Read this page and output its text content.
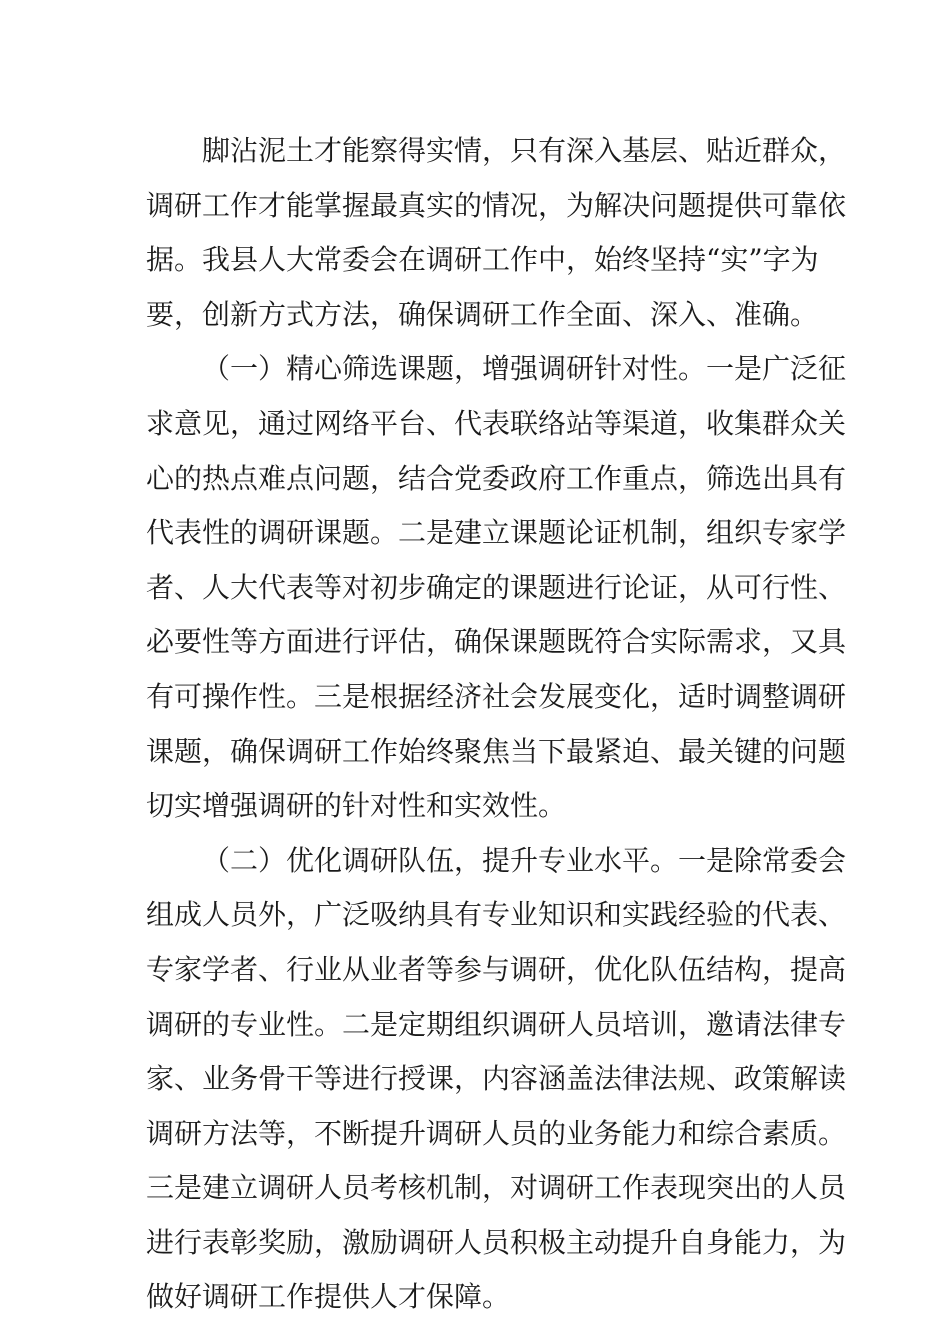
脚沾泥土才能察得实情，只有深入基层、贴近群众，
调研工作才能掌握最真实的情况，为解决问题提供可靠依
据。我县人大常委会在调研工作中，始终坚持“实”字为
要，创新方式方法，确保调研工作全面、深入、准确。
（一）精心筛选课题，增强调研针对性。一是广泛征
求意见，通过网络平台、代表联络站等渠道，收集群众关
心的热点难点问题，结合党委政府工作重点，筛选出具有
代表性的调研课题。二是建立课题论证机制，组织专家学
者、人大代表等对初步确定的课题进行论证，从可行性、
必要性等方面进行评估，确保课题既符合实际需求，又具
有可操作性。三是根据经济社会发展变化，适时调整调研
课题，确保调研工作始终聚焦当下最紧迫、最关键的问题
切实增强调研的针对性和实效性。
（二）优化调研队伍，提升专业水平。一是除常委会
组成人员外，广泛吸纳具有专业知识和实践经验的代表、
专家学者、行业从业者等参与调研，优化队伍结构，提高
调研的专业性。二是定期组织调研人员培训，邀请法律专
家、业务骨干等进行授课，内容涵盖法律法规、政策解读
调研方法等，不断提升调研人员的业务能力和综合素质。
三是建立调研人员考核机制，对调研工作表现突出的人员
进行表彰奖励，激励调研人员积极主动提升自身能力，为
做好调研工作提供人才保障。
